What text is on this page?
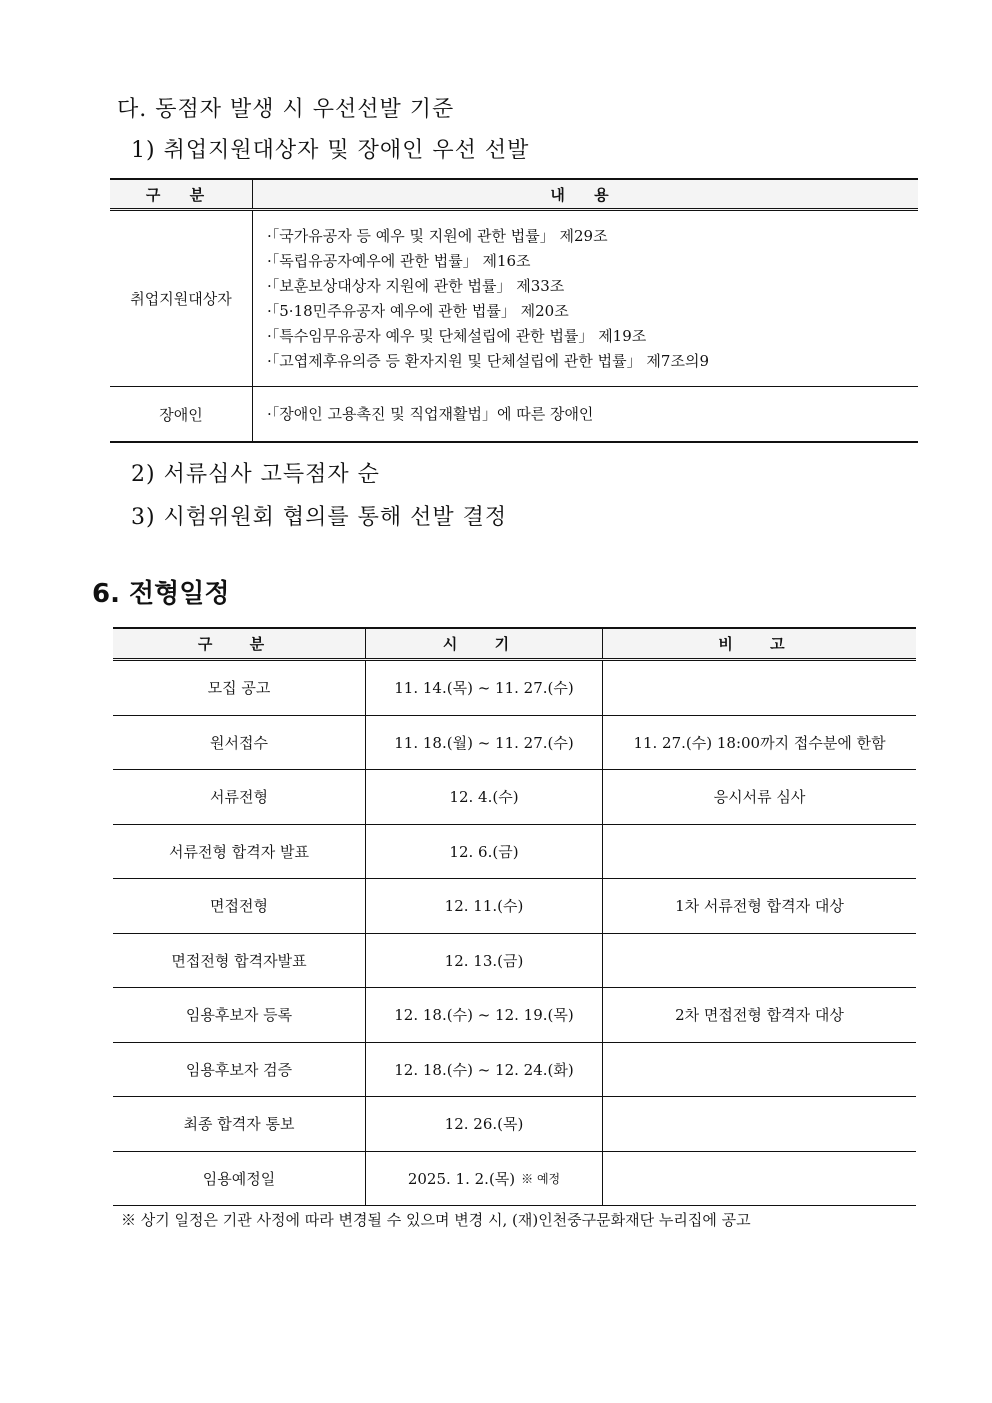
다. 동점자 발생 시 우선선발 기준
1) 취업지원대상자 및 장애인 우선 선발
구 분	내 용
취업지원대상자
·「국가유공자 등 예우 및 지원에 관한 법률」 제29조
·「독립유공자예우에 관한 법률」 제16조
·「보훈보상대상자 지원에 관한 법률」 제33조
·「5·18민주유공자 예우에 관한 법률」 제20조
·「특수임무유공자 예우 및 단체설립에 관한 법률」 제19조
·「고엽제후유의증 등 환자지원 및 단체설립에 관한 법률」 제7조의9
장애인	·「장애인 고용촉진 및 직업재활법」에 따른 장애인
2) 서류심사 고득점자 순
3) 시험위원회 협의를 통해 선발 결정
6. 전형일정
구 분	시 기	비 고
모집 공고	11. 14.(목) ~ 11. 27.(수)
원서접수	11. 18.(월) ~ 11. 27.(수)	11. 27.(수) 18:00까지 접수분에 한함
서류전형	12. 4.(수)	응시서류 심사
서류전형 합격자 발표	12. 6.(금)
면접전형	12. 11.(수)	1차 서류전형 합격자 대상
면접전형 합격자발표	12. 13.(금)
임용후보자 등록	12. 18.(수) ~ 12. 19.(목)	2차 면접전형 합격자 대상
임용후보자 검증	12. 18.(수) ~ 12. 24.(화)
최종 합격자 통보	12. 26.(목)
임용예정일	2025. 1. 2.(목) ※ 예정
※ 상기 일정은 기관 사정에 따라 변경될 수 있으며 변경 시, (재)인천중구문화재단 누리집에 공고
